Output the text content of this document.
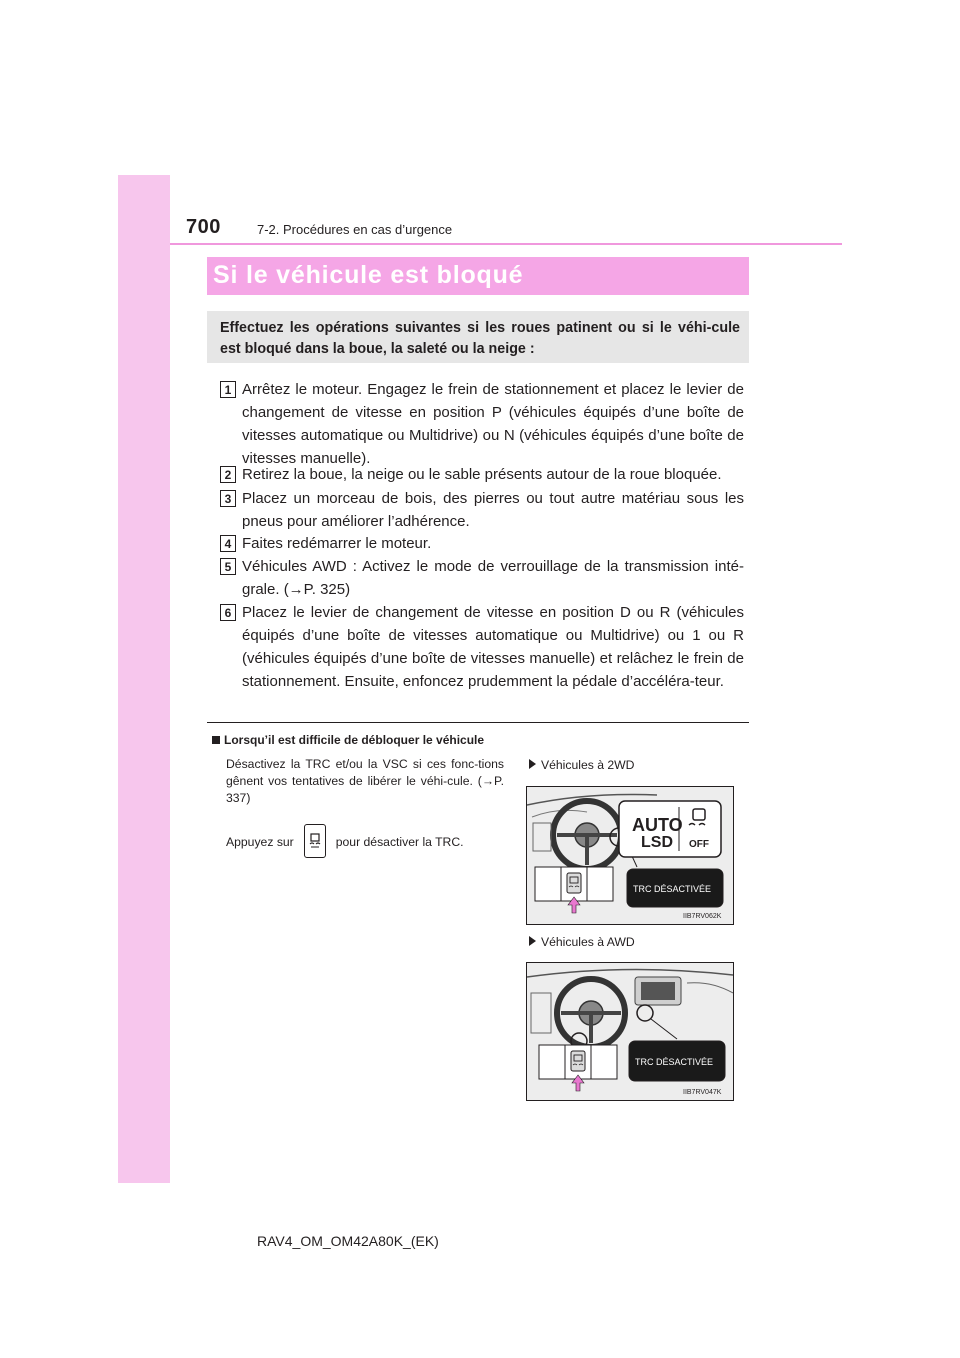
700	7-2. Procédures en cas d’urgence
Si le véhicule est bloqué
Effectuez les opérations suivantes si les roues patinent ou si le véhi-cule est bloqué dans la boue, la saleté ou la neige :
1 Arrêtez le moteur. Engagez le frein de stationnement et placez le levier de changement de vitesse en position P (véhicules équipés d’une boîte de vitesses automatique ou Multidrive) ou N (véhicules équipés d’une boîte de vitesses manuelle).
2 Retirez la boue, la neige ou le sable présents autour de la roue bloquée.
3 Placez un morceau de bois, des pierres ou tout autre matériau sous les pneus pour améliorer l’adhérence.
4 Faites redémarrer le moteur.
5 Véhicules AWD : Activez le mode de verrouillage de la transmission inté-grale. (→P. 325)
6 Placez le levier de changement de vitesse en position D ou R (véhicules équipés d’une boîte de vitesses automatique ou Multidrive) ou 1 ou R (véhicules équipés d’une boîte de vitesses manuelle) et relâchez le frein de stationnement. Ensuite, enfoncez prudemment la pédale d’accéléra-teur.
Lorsqu’il est difficile de débloquer le véhicule
Désactivez la TRC et/ou la VSC si ces fonc-tions gênent vos tentatives de libérer le véhi-cule. (→P. 337)
Appuyez sur	pour désactiver la TRC.
Véhicules à 2WD
AUTO
LSD OFF
TRC DÉSACTIVÉE
IIB7RV062K
Véhicules à AWD
TRC DÉSACTIVÉE
IIB7RV047K
RAV4_OM_OM42A80K_(EK)
